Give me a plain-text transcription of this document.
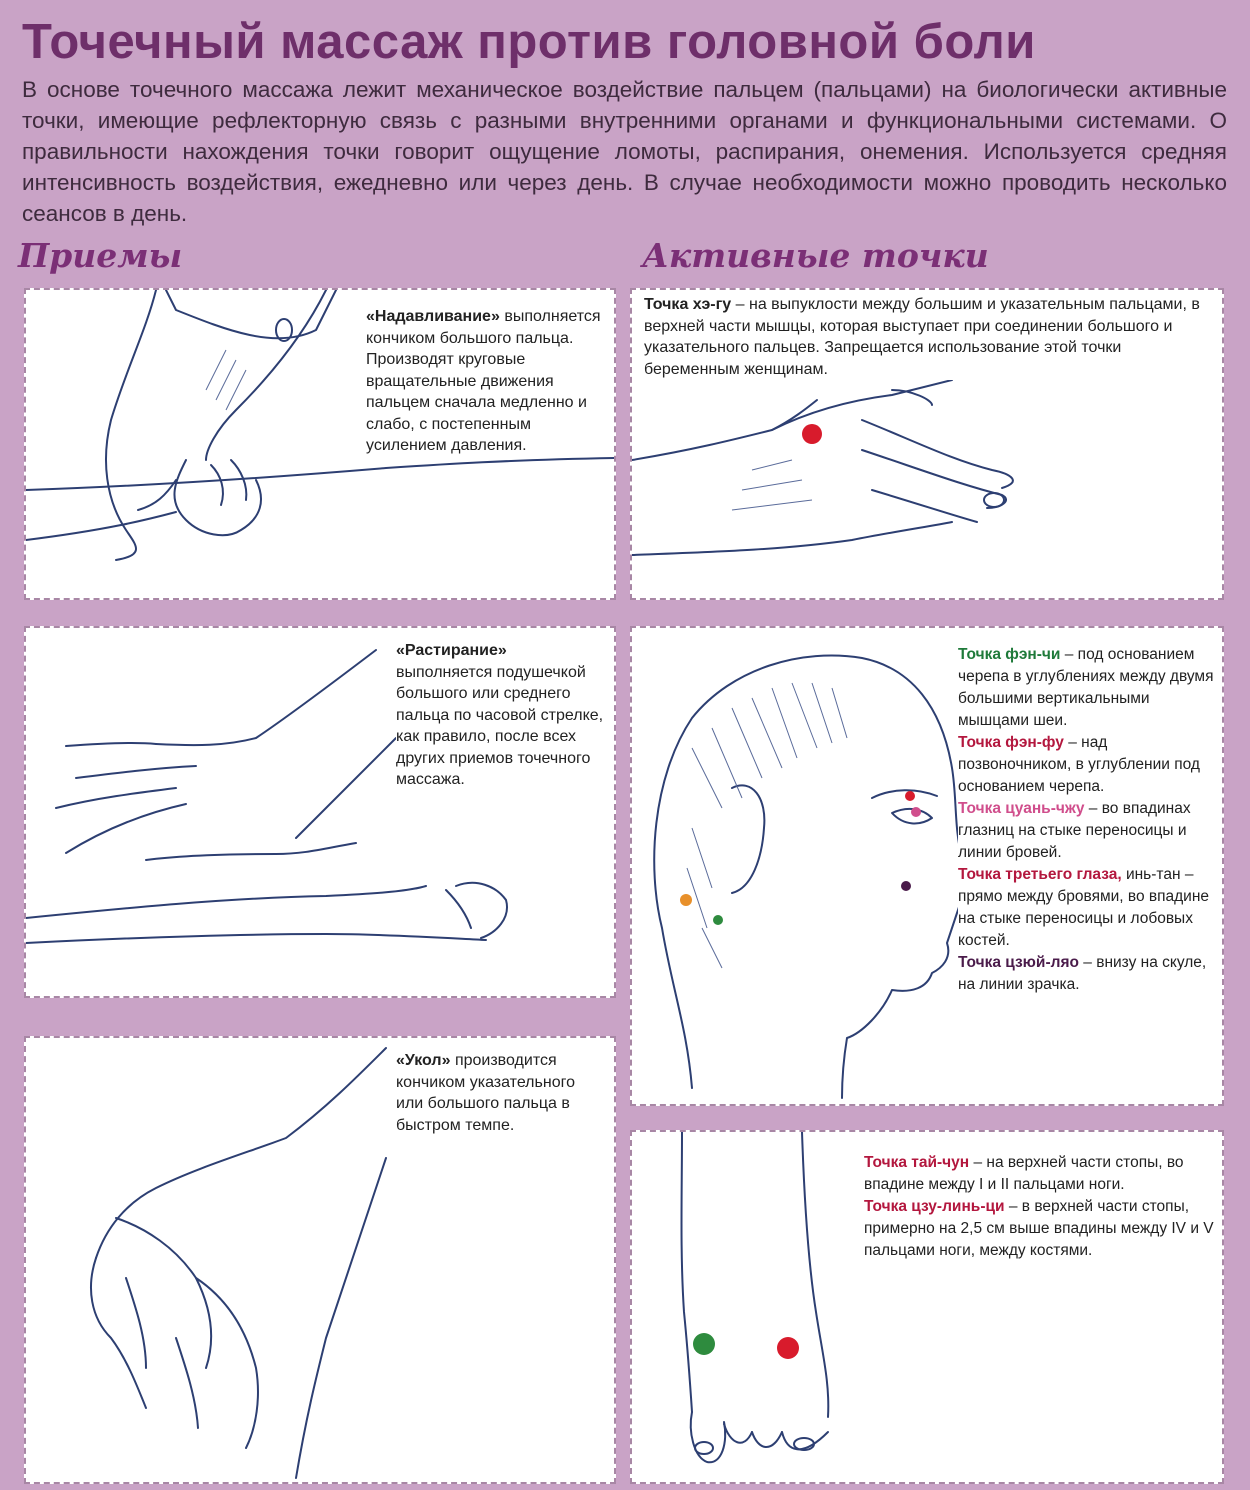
Точечный массаж против головной боли
В основе точечного массажа лежит механическое воздействие пальцем (пальцами) на биологически активные точки, имеющие рефлекторную связь с разными внутренними органами и функциональными системами. О правильности нахождения точки говорит ощущение ломоты, распирания, онемения. Используется средняя интенсивность воздействия, ежедневно или через день. В случае необходимости можно проводить несколько сеансов в день.
Приемы	Активные точки
«Надавливание» выполняется кончиком большого пальца. Производят круговые вращательные движения пальцем сначала медленно и слабо, с постепенным усилением давления.
«Растирание» выполняется подушечкой большого или среднего пальца по часовой стрелке, как правило, после всех других приемов точечного массажа.
«Укол» производится кончиком указательного или большого пальца в быстром темпе.
Точка хэ-гу – на выпуклости между большим и указательным пальцами, в верхней части мышцы, которая выступает при соединении большого и указательного пальцев. Запрещается использование этой точки беременным женщинам.
Точка фэн-чи – под основанием черепа в углублениях между двумя большими вертикальными мышцами шеи.
Точка фэн-фу – над позвоночником, в углублении под основанием черепа.
Точка цуань-чжу – во впадинах глазниц на стыке переносицы и линии бровей.
Точка третьего глаза, инь-тан – прямо между бровями, во впадине на стыке переносицы и лобовых костей.
Точка цзюй-ляо – внизу на скуле, на линии зрачка.
Точка тай-чун – на верхней части стопы, во впадине между I и II пальцами ноги.
Точка цзу-линь-ци – в верхней части стопы, примерно на 2,5 см выше впадины между IV и V пальцами ноги, между костями.
